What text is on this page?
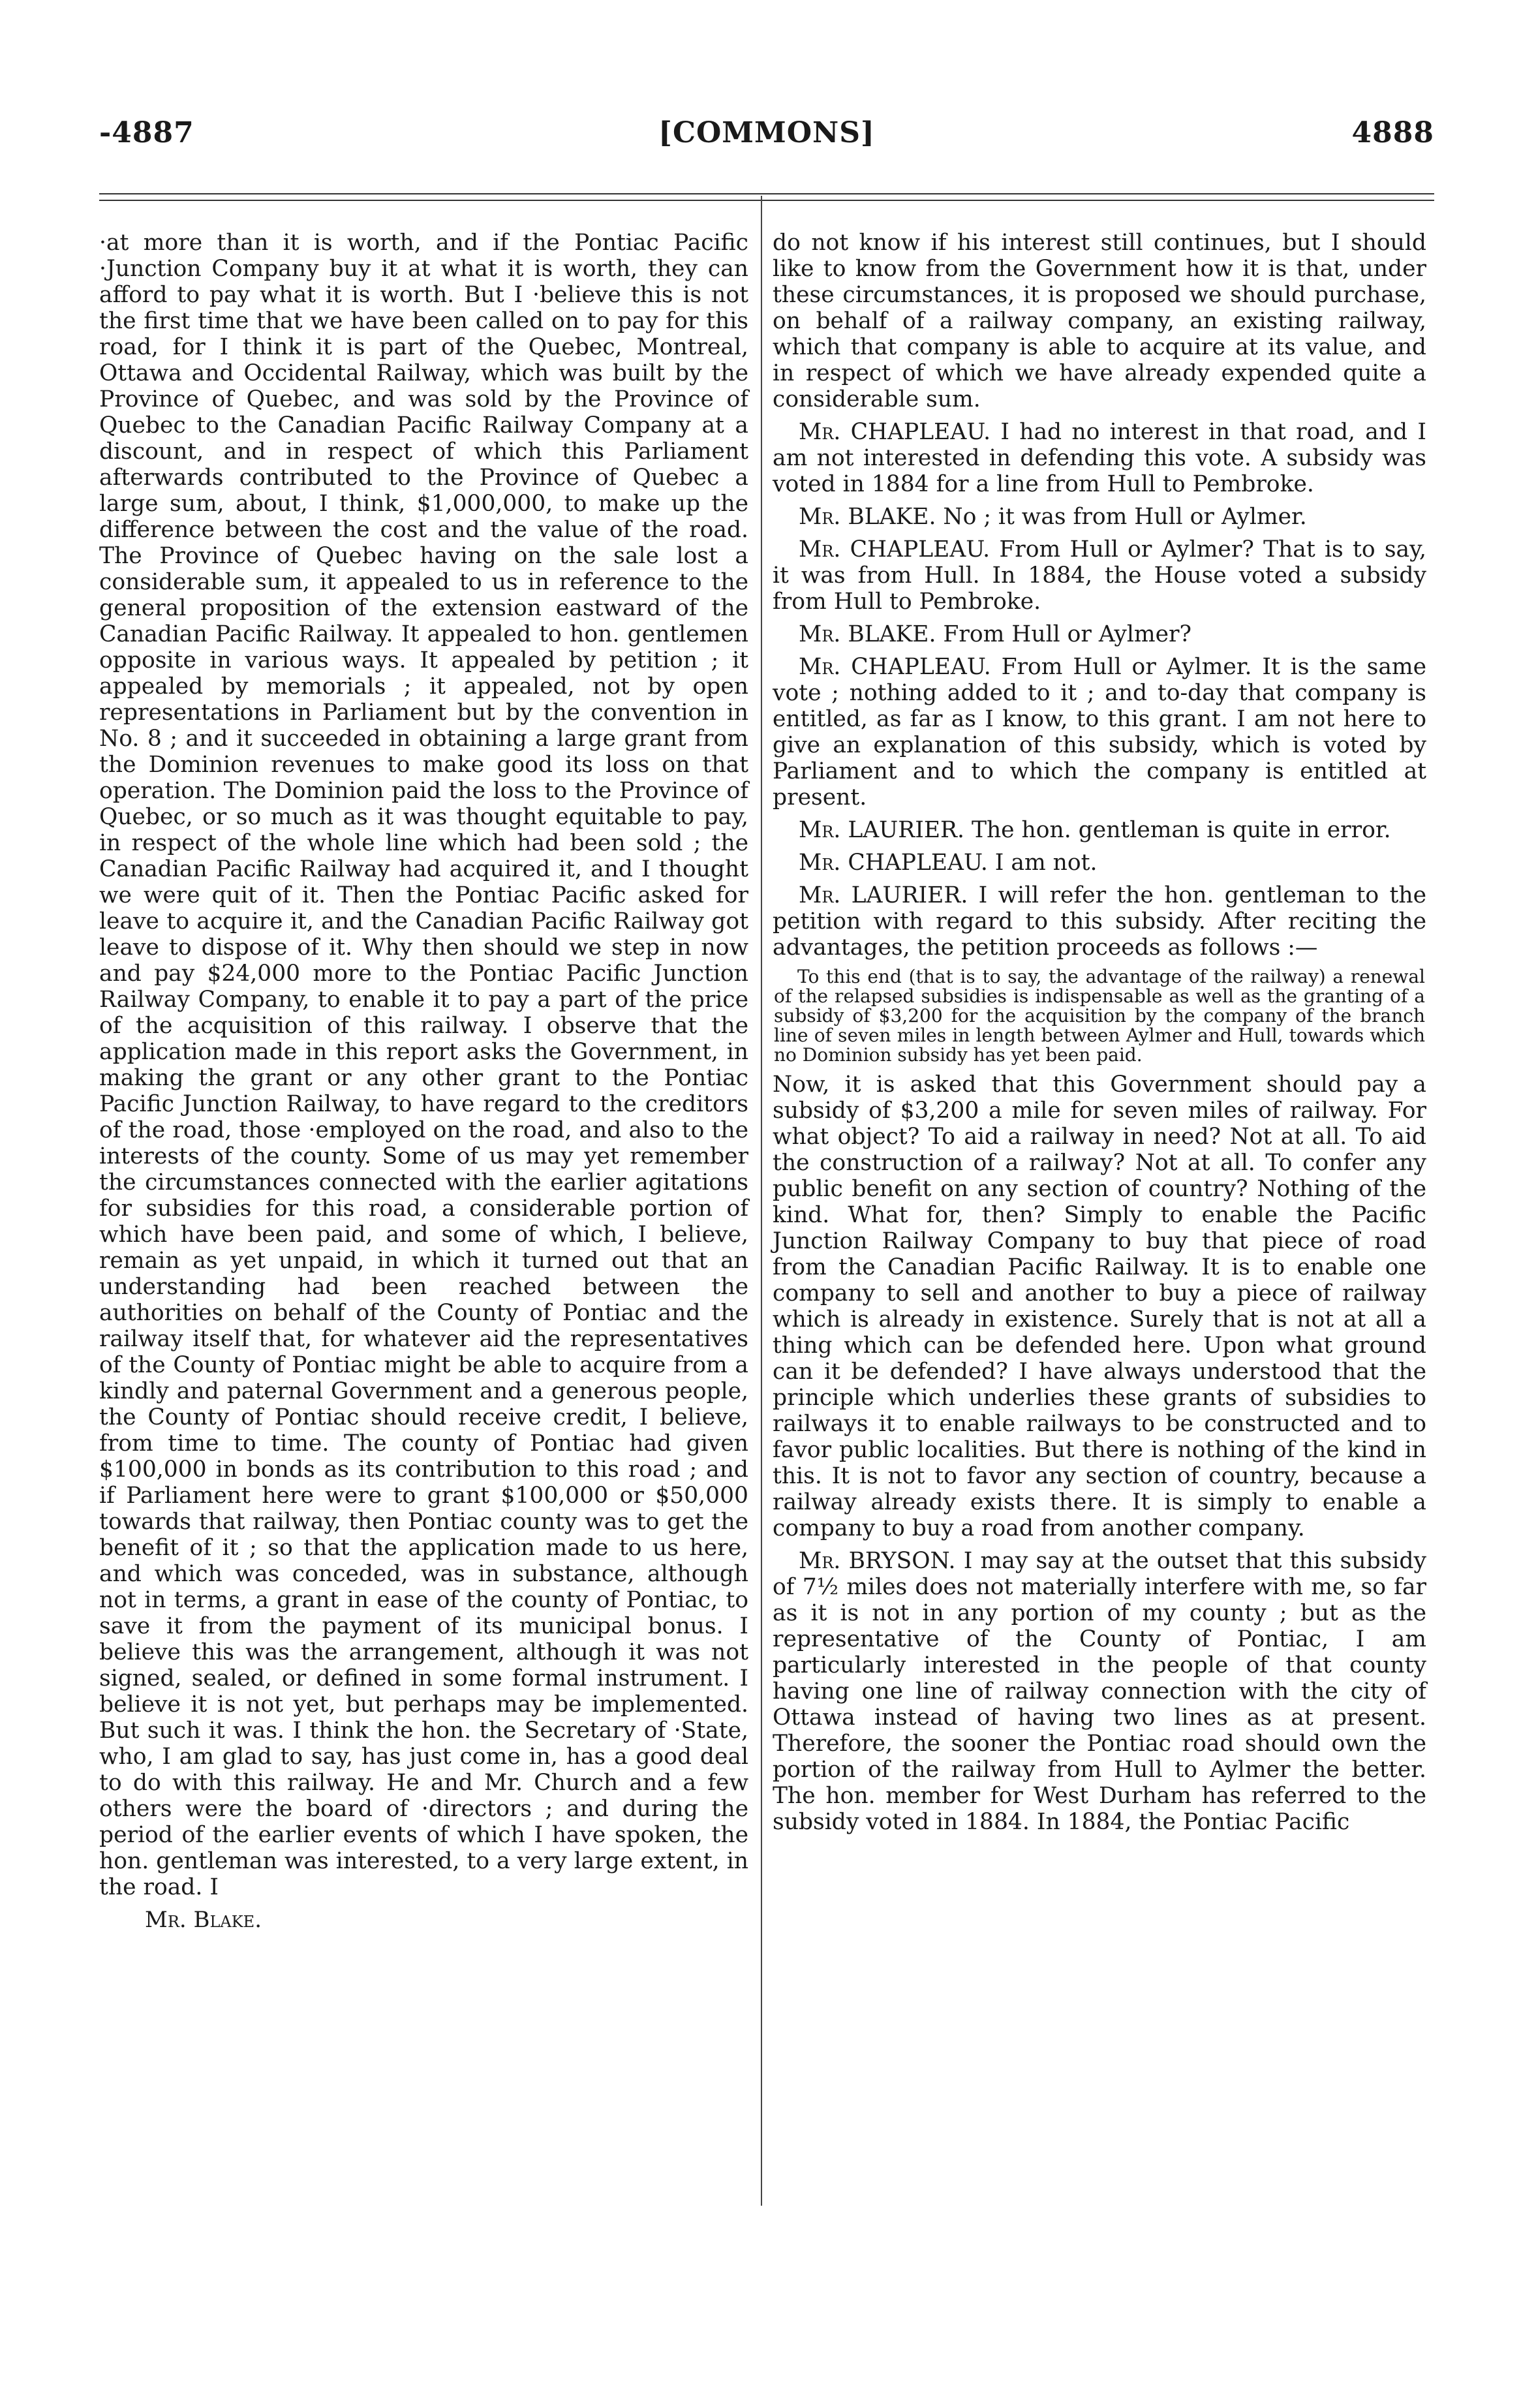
-4887	[COMMONS]	4888

·at more than it is worth, and if the Pontiac Pacific ·Junction Company buy it at what it is worth, they can afford to pay what it is worth. But I ·believe this is not the first time that we have been called on to pay for this road, for I think it is part of the Quebec, Montreal, Ottawa and Occidental Railway, which was built by the Province of Quebec, and was sold by the Province of Quebec to the Canadian Pacific Railway Company at a discount, and in respect of which this Parliament afterwards contributed to the Province of Quebec a large sum, about, I think, $1,000,000, to make up the difference between the cost and the value of the road. The Province of Quebec having on the sale lost a considerable sum, it appealed to us in reference to the general proposition of the extension eastward of the Canadian Pacific Railway. It appealed to hon. gentlemen opposite in various ways. It appealed by petition ; it appealed by memorials ; it appealed, not by open representations in Parliament but by the convention in No. 8 ; and it succeeded in obtaining a large grant from the Dominion revenues to make good its loss on that operation. The Dominion paid the loss to the Province of Quebec, or so much as it was thought equitable to pay, in respect of the whole line which had been sold ; the Canadian Pacific Railway had acquired it, and I thought we were quit of it. Then the Pontiac Pacific asked for leave to acquire it, and the Canadian Pacific Railway got leave to dispose of it. Why then should we step in now and pay $24,000 more to the Pontiac Pacific Junction Railway Company, to enable it to pay a part of the price of the acquisition of this railway. I observe that the application made in this report asks the Government, in making the grant or any other grant to the Pontiac Pacific Junction Railway, to have regard to the creditors of the road, those ·employed on the road, and also to the interests of the county. Some of us may yet remember the circumstances connected with the earlier agitations for subsidies for this road, a considerable portion of which have been paid, and some of which, I believe, remain as yet unpaid, in which it turned out that an understanding had been reached between the authorities on behalf of the County of Pontiac and the railway itself that, for whatever aid the representatives of the County of Pontiac might be able to acquire from a kindly and paternal Government and a generous people, the County of Pontiac should receive credit, I believe, from time to time. The county of Pontiac had given $100,000 in bonds as its contribution to this road ; and if Parliament here were to grant $100,000 or $50,000 towards that railway, then Pontiac county was to get the benefit of it ; so that the application made to us here, and which was conceded, was in substance, although not in terms, a grant in ease of the county of Pontiac, to save it from the payment of its municipal bonus. I believe this was the arrangement, although it was not signed, sealed, or defined in some formal instrument. I believe it is not yet, but perhaps may be implemented. But such it was. I think the hon. the Secretary of ·State, who, I am glad to say, has just come in, has a good deal to do with this railway. He and Mr. Church and a few others were the board of ·directors ; and during the period of the earlier events of which I have spoken, the hon. gentleman was interested, to a very large extent, in the road. I

Mr. Blake.

do not know if his interest still continues, but I should like to know from the Government how it is that, under these circumstances, it is proposed we should purchase, on behalf of a railway company, an existing railway, which that company is able to acquire at its value, and in respect of which we have already expended quite a considerable sum.

Mr. CHAPLEAU. I had no interest in that road, and I am not interested in defending this vote. A subsidy was voted in 1884 for a line from Hull to Pembroke.

Mr. BLAKE. No ; it was from Hull or Aylmer.

Mr. CHAPLEAU. From Hull or Aylmer? That is to say, it was from Hull. In 1884, the House voted a subsidy from Hull to Pembroke.

Mr. BLAKE. From Hull or Aylmer?

Mr. CHAPLEAU. From Hull or Aylmer. It is the same vote ; nothing added to it ; and to-day that company is entitled, as far as I know, to this grant. I am not here to give an explanation of this subsidy, which is voted by Parliament and to which the company is entitled at present.

Mr. LAURIER. The hon. gentleman is quite in error.

Mr. CHAPLEAU. I am not.

Mr. LAURIER. I will refer the hon. gentleman to the petition with regard to this subsidy. After reciting the advantages, the petition proceeds as follows :—

To this end (that is to say, the advantage of the railway) a renewal of the relapsed subsidies is indispensable as well as the granting of a subsidy of $3,200 for the acquisition by the company of the branch line of seven miles in length between Aylmer and Hull, towards which no Dominion subsidy has yet been paid.

Now, it is asked that this Government should pay a subsidy of $3,200 a mile for seven miles of railway. For what object? To aid a railway in need? Not at all. To aid the construction of a railway? Not at all. To confer any public benefit on any section of country? Nothing of the kind. What for, then? Simply to enable the Pacific Junction Railway Company to buy that piece of road from the Canadian Pacific Railway. It is to enable one company to sell and another to buy a piece of railway which is already in existence. Surely that is not at all a thing which can be defended here. Upon what ground can it be defended? I have always understood that the principle which underlies these grants of subsidies to railways it to enable railways to be constructed and to favor public localities. But there is nothing of the kind in this. It is not to favor any section of country, because a railway already exists there. It is simply to enable a company to buy a road from another company.

Mr. BRYSON. I may say at the outset that this subsidy of 7½ miles does not materially interfere with me, so far as it is not in any portion of my county ; but as the representative of the County of Pontiac, I am particularly interested in the people of that county having one line of railway connection with the city of Ottawa instead of having two lines as at present. Therefore, the sooner the Pontiac road should own the portion of the railway from Hull to Aylmer the better. The hon. member for West Durham has referred to the subsidy voted in 1884. In 1884, the Pontiac Pacific
